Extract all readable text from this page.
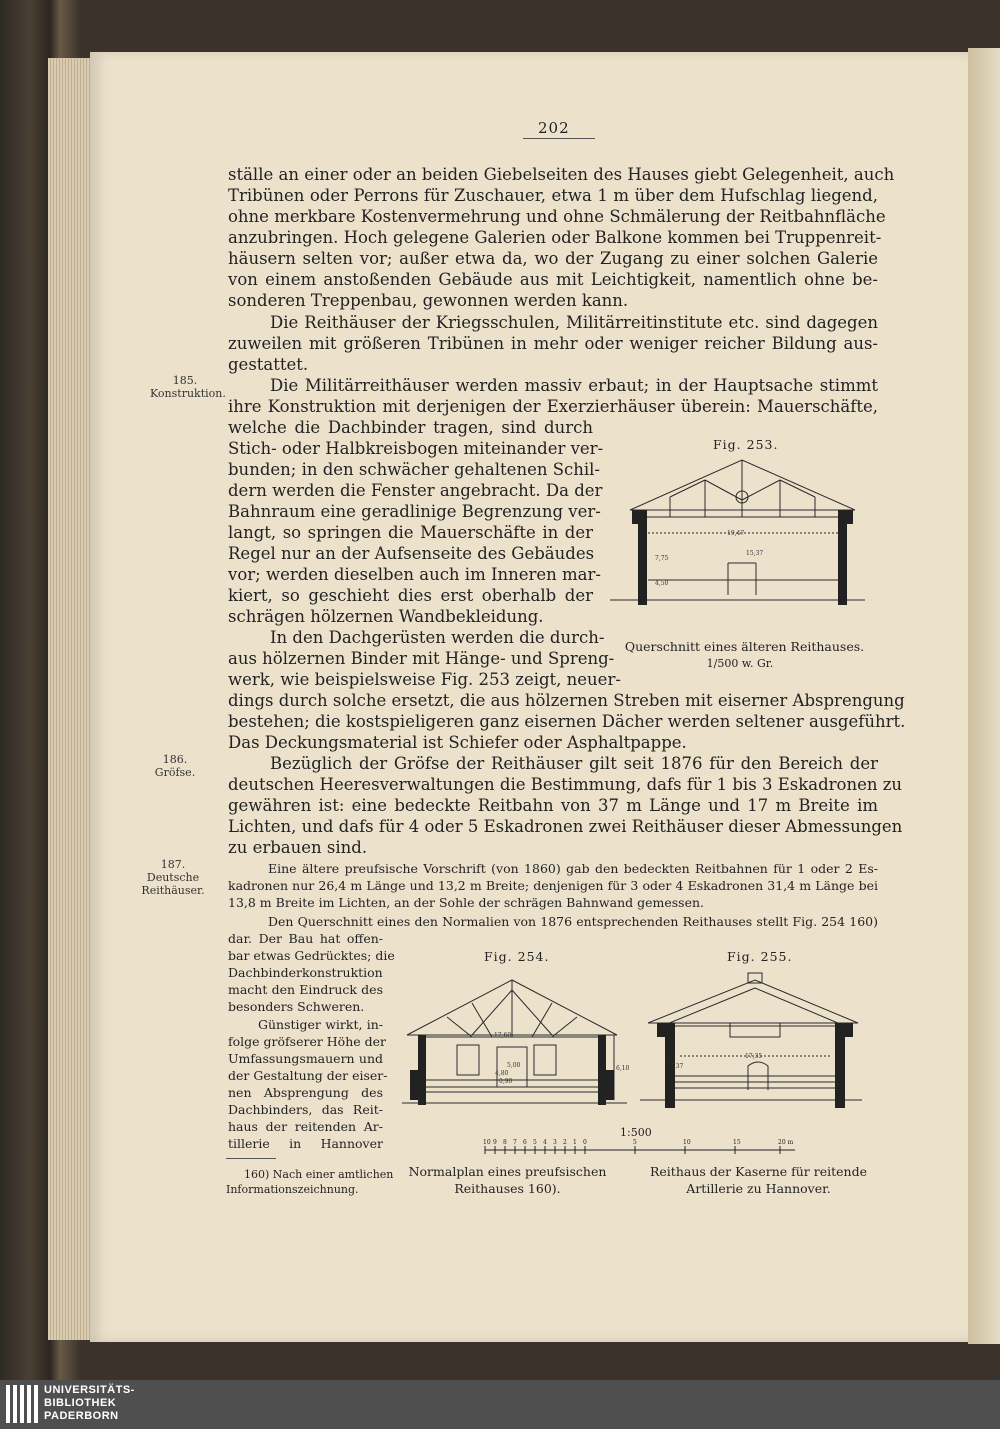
202
ställe an einer oder an beiden Giebelseiten des Hauses giebt Gelegenheit, auch
Tribünen oder Perrons für Zuschauer, etwa 1 m über dem Hufschlag liegend,
ohne merkbare Kostenvermehrung und ohne Schmälerung der Reitbahnfläche
anzubringen. Hoch gelegene Galerien oder Balkone kommen bei Truppenreit-
häusern selten vor; außer etwa da, wo der Zugang zu einer solchen Galerie
von einem anstoßenden Gebäude aus mit Leichtigkeit, namentlich ohne be-
sonderen Treppenbau, gewonnen werden kann.
Die Reithäuser der Kriegsschulen, Militärreitinstitute etc. sind dagegen
zuweilen mit größeren Tribünen in mehr oder weniger reicher Bildung aus-
gestattet.
Die Militärreithäuser werden massiv erbaut; in der Hauptsache stimmt
ihre Konstruktion mit derjenigen der Exerzierhäuser überein: Mauerschäfte,
welche die Dachbinder tragen, sind durch
Stich- oder Halbkreisbogen miteinander ver-
bunden; in den schwächer gehaltenen Schil-
dern werden die Fenster angebracht. Da der
Bahnraum eine geradlinige Begrenzung ver-
langt, so springen die Mauerschäfte in der
Regel nur an der Aufsenseite des Gebäudes
vor; werden dieselben auch im Inneren mar-
kiert, so geschieht dies erst oberhalb der
schrägen hölzernen Wandbekleidung.
In den Dachgerüsten werden die durch-
aus hölzernen Binder mit Hänge- und Spreng-
werk, wie beispielsweise Fig. 253 zeigt, neuer-
dings durch solche ersetzt, die aus hölzernen Streben mit eiserner Absprengung
bestehen; die kostspieligeren ganz eisernen Dächer werden seltener ausgeführt.
Das Deckungsmaterial ist Schiefer oder Asphaltpappe.
Bezüglich der Gröfse der Reithäuser gilt seit 1876 für den Bereich der
deutschen Heeresverwaltungen die Bestimmung, dafs für 1 bis 3 Eskadronen zu
gewähren ist: eine bedeckte Reitbahn von 37 m Länge und 17 m Breite im
Lichten, und dafs für 4 oder 5 Eskadronen zwei Reithäuser dieser Abmessungen
zu erbauen sind.
Eine ältere preufsische Vorschrift (von 1860) gab den bedeckten Reitbahnen für 1 oder 2 Es-
kadronen nur 26,4 m Länge und 13,2 m Breite; denjenigen für 3 oder 4 Eskadronen 31,4 m Länge bei
13,8 m Breite im Lichten, an der Sohle der schrägen Bahnwand gemessen.
Den Querschnitt eines den Normalien von 1876 entsprechenden Reithauses stellt Fig. 254 160)
dar. Der Bau hat offen-
bar etwas Gedrücktes; die
Dachbinderkonstruktion
macht den Eindruck des
besonders Schweren.
Günstiger wirkt, in-
folge gröfserer Höhe der
Umfassungsmauern und
der Gestaltung der eiser-
nen Absprengung des
Dachbinders, das Reit-
haus der reitenden Ar-
tillerie in Hannover
185.
Konstruktion.
186.
Gröfse.
187.
Deutsche
Reithäuser.
Fig. 253.
19,47
15,37
7,75
4,50
Querschnitt eines älteren Reithauses.
1/500 w. Gr.
Fig. 254.
17,60
4,80
5,00
0,90
6,10
Fig. 255.
17,35
7,37
1:500
10 9 8 7 6 5 4 3 2 1 0	5	10	15	20 m
Normalplan eines preufsischen
Reithauses 160).
Reithaus der Kaserne für reitende
Artillerie zu Hannover.
160) Nach einer amtlichen
Informationszeichnung.
UNIVERSITÄTS-
BIBLIOTHEK
PADERBORN
